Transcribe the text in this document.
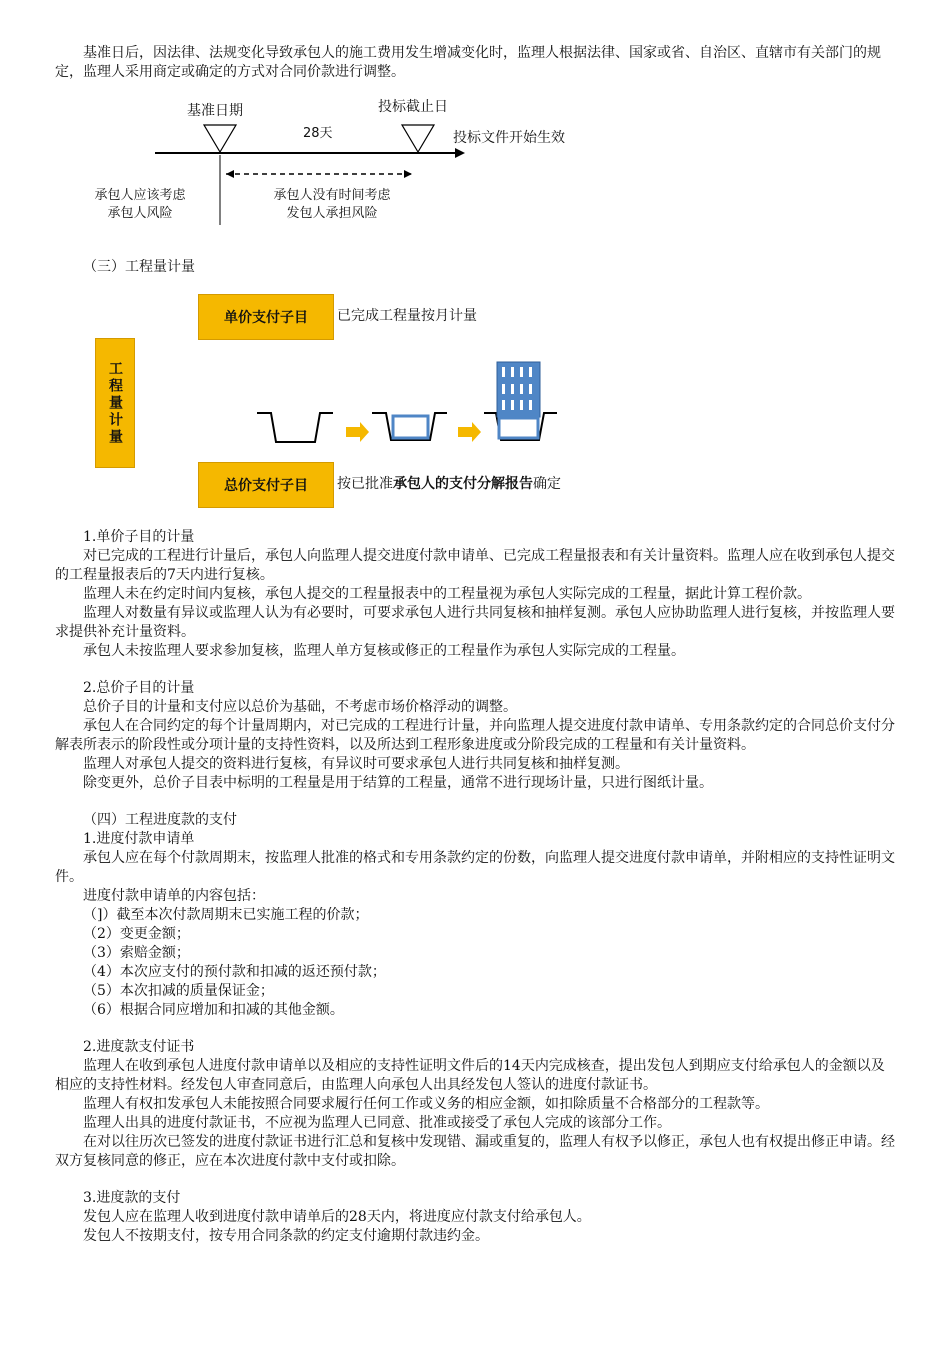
基准日后，因法律、法规变化导致承包人的施工费用发生增减变化时，监理人根据法律、国家或省、自治区、直辖市有关部门的规定，监理人采用商定或确定的方式对合同价款进行调整。

基准日期	投标截止日
28天	投标文件开始生效
承包人应该考虑
承包人风险
承包人没有时间考虑
发包人承担风险

（三）工程量计量

单价支付子目	已完成工程量按月计量
工程量计量
总价支付子目	按已批准承包人的支付分解报告确定

1.单价子目的计量

对已完成的工程进行计量后，承包人向监理人提交进度付款申请单、已完成工程量报表和有关计量资料。监理人应在收到承包人提交的工程量报表后的7天内进行复核。

监理人未在约定时间内复核，承包人提交的工程量报表中的工程量视为承包人实际完成的工程量，据此计算工程价款。

监理人对数量有异议或监理人认为有必要时，可要求承包人进行共同复核和抽样复测。承包人应协助监理人进行复核，并按监理人要求提供补充计量资料。

承包人未按监理人要求参加复核，监理人单方复核或修正的工程量作为承包人实际完成的工程量。

2.总价子目的计量

总价子目的计量和支付应以总价为基础，不考虑市场价格浮动的调整。

承包人在合同约定的每个计量周期内，对已完成的工程进行计量，并向监理人提交进度付款申请单、专用条款约定的合同总价支付分解表所表示的阶段性或分项计量的支持性资料，以及所达到工程形象进度或分阶段完成的工程量和有关计量资料。

监理人对承包人提交的资料进行复核，有异议时可要求承包人进行共同复核和抽样复测。

除变更外，总价子目表中标明的工程量是用于结算的工程量，通常不进行现场计量，只进行图纸计量。

（四）工程进度款的支付

1.进度付款申请单

承包人应在每个付款周期末，按监理人批准的格式和专用条款约定的份数，向监理人提交进度付款申请单，并附相应的支持性证明文件。

进度付款申请单的内容包括：

（]）截至本次付款周期末已实施工程的价款；

（2）变更金额；

（3）索赔金额；

（4）本次应支付的预付款和扣减的返还预付款；

（5）本次扣减的质量保证金；

（6）根据合同应增加和扣减的其他金额。

2.进度款支付证书

监理人在收到承包人进度付款申请单以及相应的支持性证明文件后的14天内完成核查，提出发包人到期应支付给承包人的金额以及相应的支持性材料。经发包人审查同意后，由监理人向承包人出具经发包人签认的进度付款证书。

监理人有权扣发承包人未能按照合同要求履行任何工作或义务的相应金额，如扣除质量不合格部分的工程款等。

监理人出具的进度付款证书，不应视为监理人已同意、批准或接受了承包人完成的该部分工作。

在对以往历次已签发的进度付款证书进行汇总和复核中发现错、漏或重复的，监理人有权予以修正，承包人也有权提出修正申请。经双方复核同意的修正，应在本次进度付款中支付或扣除。

3.进度款的支付

发包人应在监理人收到进度付款申请单后的28天内，将进度应付款支付给承包人。

发包人不按期支付，按专用合同条款的约定支付逾期付款违约金。
